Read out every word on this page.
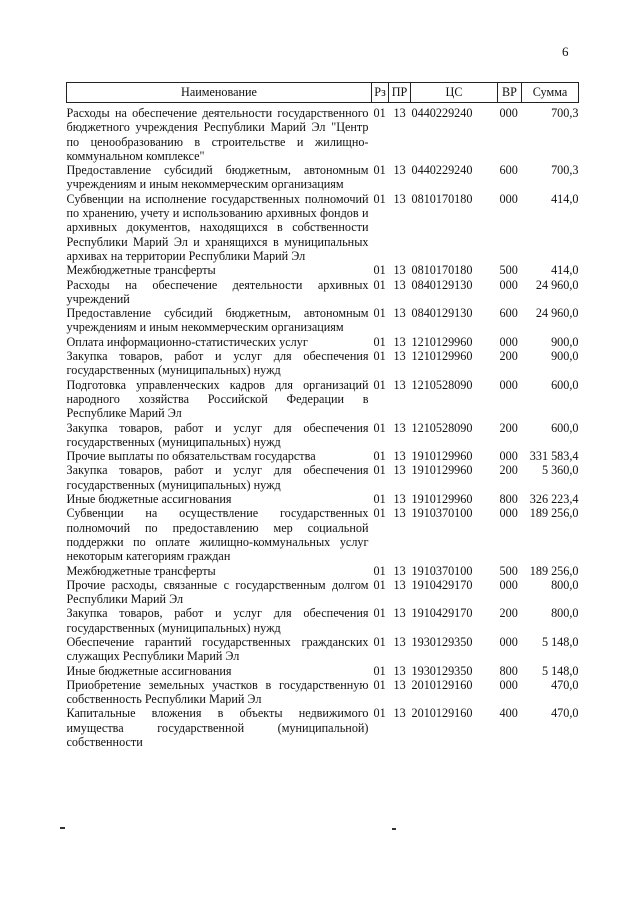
6
Наименование	Рз	ПР	ЦС	ВР	Сумма
Расходы на обеспечение деятельности государственного бюджетного учреждения Республики Марий Эл "Центр по ценообразованию в строительстве и жилищно-коммунальном комплексе"	01	13	0440229240	000	700,3
Предоставление субсидий бюджетным, автономным учреждениям и иным некоммерческим организациям	01	13	0440229240	600	700,3
Субвенции на исполнение государственных полномочий по хранению, учету и использованию архивных фондов и архивных документов, находящихся в собственности Республики Марий Эл и хранящихся в муниципальных архивах на территории Республики Марий Эл	01	13	0810170180	000	414,0
Межбюджетные трансферты	01	13	0810170180	500	414,0
Расходы на обеспечение деятельности архивных учреждений	01	13	0840129130	000	24 960,0
Предоставление субсидий бюджетным, автономным учреждениям и иным некоммерческим организациям	01	13	0840129130	600	24 960,0
Оплата информационно-статистических услуг	01	13	1210129960	000	900,0
Закупка товаров, работ и услуг для обеспечения государственных (муниципальных) нужд	01	13	1210129960	200	900,0
Подготовка управленческих кадров для организаций народного хозяйства Российской Федерации в Республике Марий Эл	01	13	1210528090	000	600,0
Закупка товаров, работ и услуг для обеспечения государственных (муниципальных) нужд	01	13	1210528090	200	600,0
Прочие выплаты по обязательствам государства	01	13	1910129960	000	331 583,4
Закупка товаров, работ и услуг для обеспечения государственных (муниципальных) нужд	01	13	1910129960	200	5 360,0
Иные бюджетные ассигнования	01	13	1910129960	800	326 223,4
Субвенции на осуществление государственных полномочий по предоставлению мер социальной поддержки по оплате жилищно-коммунальных услуг некоторым категориям граждан	01	13	1910370100	000	189 256,0
Межбюджетные трансферты	01	13	1910370100	500	189 256,0
Прочие расходы, связанные с государственным долгом Республики Марий Эл	01	13	1910429170	000	800,0
Закупка товаров, работ и услуг для обеспечения государственных (муниципальных) нужд	01	13	1910429170	200	800,0
Обеспечение гарантий государственных гражданских служащих Республики Марий Эл	01	13	1930129350	000	5 148,0
Иные бюджетные ассигнования	01	13	1930129350	800	5 148,0
Приобретение земельных участков в государственную собственность Республики Марий Эл	01	13	2010129160	000	470,0
Капитальные вложения в объекты недвижимого имущества государственной (муниципальной) собственности	01	13	2010129160	400	470,0
